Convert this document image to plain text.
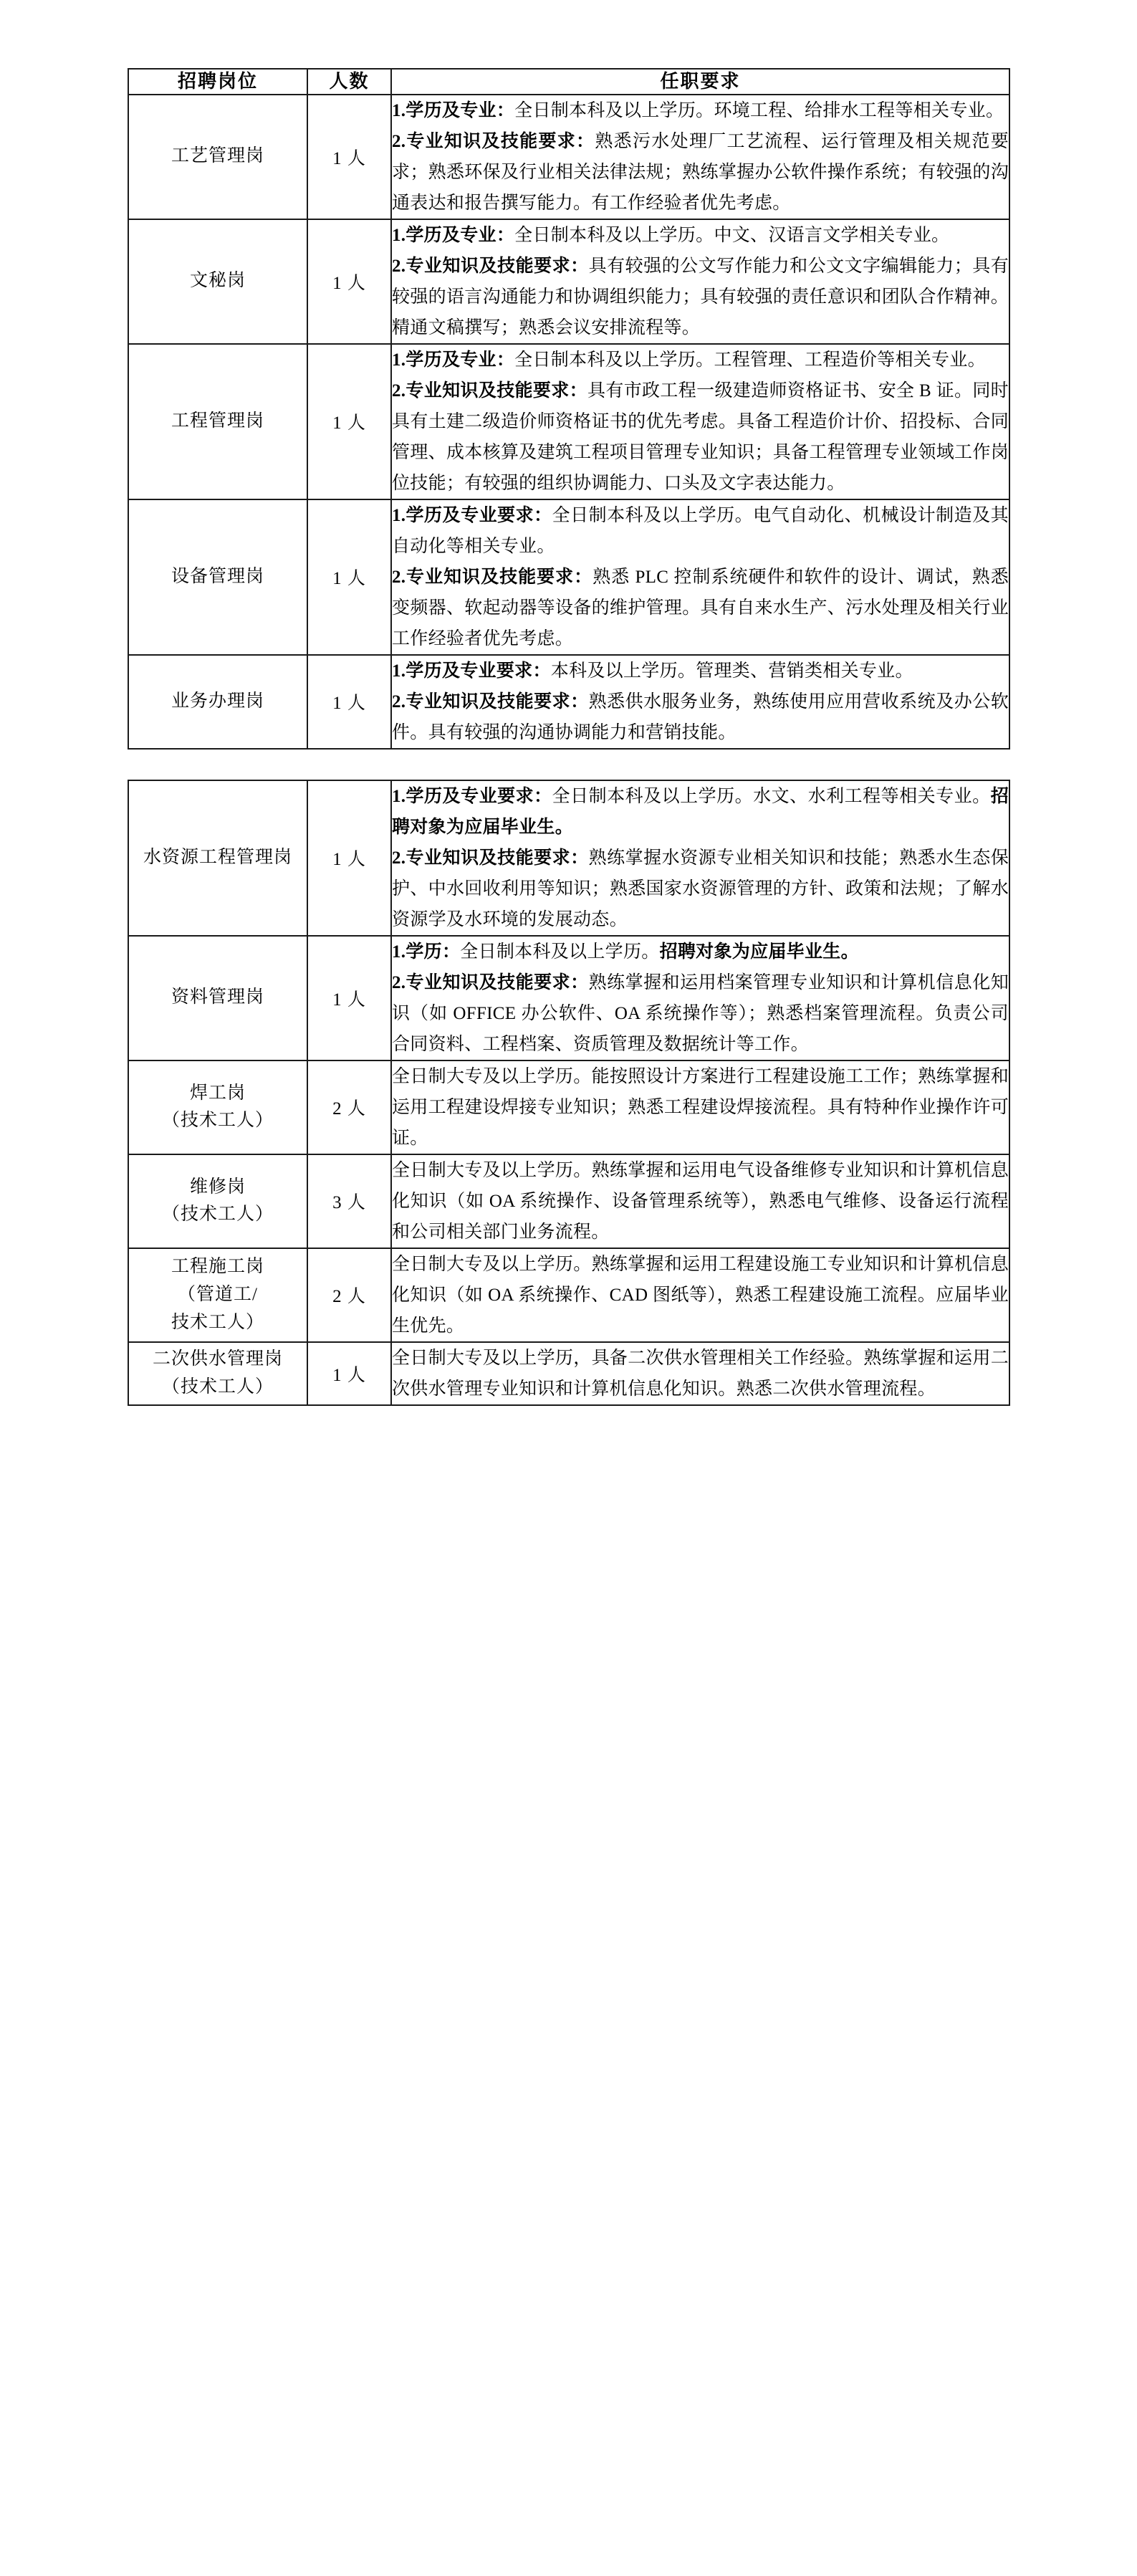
招聘岗位	人数	任职要求
工艺管理岗	1 人	1.学历及专业：全日制本科及以上学历。环境工程、给排水工程等相关专业。

2.专业知识及技能要求：熟悉污水处理厂工艺流程、运行管理及相关规范要求；熟悉环保及行业相关法律法规；熟练掌握办公软件操作系统；有较强的沟通表达和报告撰写能力。有工作经验者优先考虑。

文秘岗	1 人	1.学历及专业：全日制本科及以上学历。中文、汉语言文学相关专业。

2.专业知识及技能要求：具有较强的公文写作能力和公文文字编辑能力；具有较强的语言沟通能力和协调组织能力；具有较强的责任意识和团队合作精神。精通文稿撰写；熟悉会议安排流程等。

工程管理岗	1 人	1.学历及专业：全日制本科及以上学历。工程管理、工程造价等相关专业。

2.专业知识及技能要求：具有市政工程一级建造师资格证书、安全 B 证。同时具有土建二级造价师资格证书的优先考虑。具备工程造价计价、招投标、合同管理、成本核算及建筑工程项目管理专业知识；具备工程管理专业领域工作岗位技能；有较强的组织协调能力、口头及文字表达能力。

设备管理岗	1 人	1.学历及专业要求：全日制本科及以上学历。电气自动化、机械设计制造及其自动化等相关专业。

2.专业知识及技能要求：熟悉 PLC 控制系统硬件和软件的设计、调试，熟悉变频器、软起动器等设备的维护管理。具有自来水生产、污水处理及相关行业工作经验者优先考虑。

业务办理岗	1 人	1.学历及专业要求：本科及以上学历。管理类、营销类相关专业。

2.专业知识及技能要求：熟悉供水服务业务，熟练使用应用营收系统及办公软件。具有较强的沟通协调能力和营销技能。

水资源工程管理岗	1 人	1.学历及专业要求：全日制本科及以上学历。水文、水利工程等相关专业。招聘对象为应届毕业生。

2.专业知识及技能要求：熟练掌握水资源专业相关知识和技能；熟悉水生态保护、中水回收利用等知识；熟悉国家水资源管理的方针、政策和法规；了解水资源学及水环境的发展动态。

资料管理岗	1 人	1.学历：全日制本科及以上学历。招聘对象为应届毕业生。

2.专业知识及技能要求：熟练掌握和运用档案管理专业知识和计算机信息化知识（如 OFFICE 办公软件、OA 系统操作等）；熟悉档案管理流程。负责公司合同资料、工程档案、资质管理及数据统计等工作。

焊工岗
（技术工人）	2 人	全日制大专及以上学历。能按照设计方案进行工程建设施工工作；熟练掌握和运用工程建设焊接专业知识；熟悉工程建设焊接流程。具有特种作业操作许可证。

维修岗
（技术工人）	3 人	全日制大专及以上学历。熟练掌握和运用电气设备维修专业知识和计算机信息化知识（如 OA 系统操作、设备管理系统等），熟悉电气维修、设备运行流程和公司相关部门业务流程。

工程施工岗
（管道工/
技术工人）	2 人	全日制大专及以上学历。熟练掌握和运用工程建设施工专业知识和计算机信息化知识（如 OA 系统操作、CAD 图纸等），熟悉工程建设施工流程。应届毕业生优先。

二次供水管理岗
（技术工人）	1 人	全日制大专及以上学历，具备二次供水管理相关工作经验。熟练掌握和运用二次供水管理专业知识和计算机信息化知识。熟悉二次供水管理流程。
